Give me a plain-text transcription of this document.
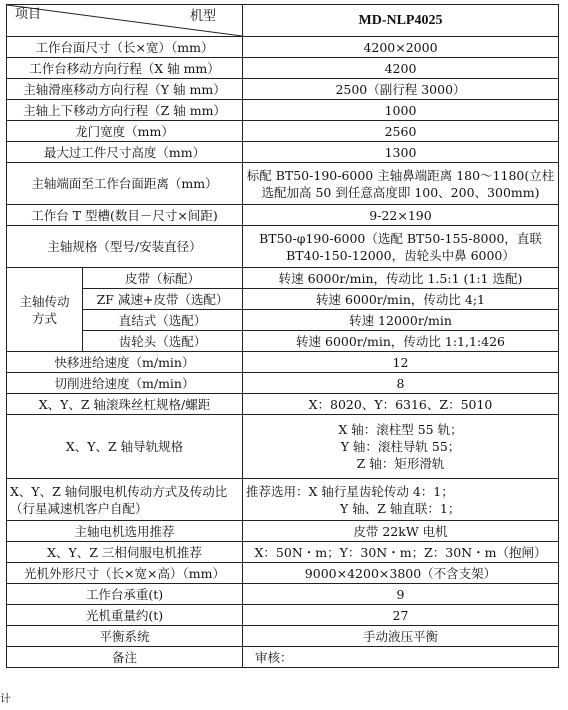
项目 机型		MD-NLP4025
工作台面尺寸（长×宽）（mm）		4200×2000
工作台移动方向行程（X 轴 mm）		4200
主轴滑座移动方向行程（Y 轴 mm）		2500（副行程 3000）
主轴上下移动方向行程（Z 轴 mm）		1000
龙门宽度（mm）		2560
最大过工件尺寸高度（mm）		1300
主轴端面至工作台面距离（mm）		标配 BT50-190-6000 主轴鼻端距离 180～1180(立柱选配加高 50 到任意高度即 100、200、300mm)
工作台 T 型槽(数目－尺寸×间距)		9-22×190
主轴规格（型号/安装直径）		BT50-φ190-6000（选配 BT50-155-8000，直联 BT40-150-12000，齿轮头中鼻 6000）
主轴传动方式	皮带（标配）	转速 6000r/min，传动比 1.5:1 (1:1 选配)
	ZF 减速+皮带（选配）	转速 6000r/min，传动比 4;1
	直结式（选配）	转速 12000r/min
	齿轮头（选配）	转速 6000r/min，传动比 1:1,1:426
快移进给速度（m/min）		12
切削进给速度（m/min）		8
X、Y、Z 轴滚珠丝杠规格/螺距		X：8020、Y：6316、Z：5010
X、Y、Z 轴导轨规格		X 轴：滚柱型 55 轨；
Y 轴：滚柱导轨 55；
Z 轴：矩形滑轨

X、Y、Z 轴伺服电机传动方式及传动比（行星减速机客户自配）		推荐选用：X 轴行星齿轮传动 4：1；
Y 轴、Z 轴直联：1；

主轴电机选用推荐		皮带 22kW 电机
X、Y、Z 三相伺服电机推荐		X：50N・m；Y：30N・m；Z：30N・m（抱闸）
光机外形尺寸（长×宽×高）（mm）		9000×4200×3800（不含支架）
工作台承重(t)		9
光机重量约(t)		27
平衡系统		手动液压平衡
备注		审核：
计
